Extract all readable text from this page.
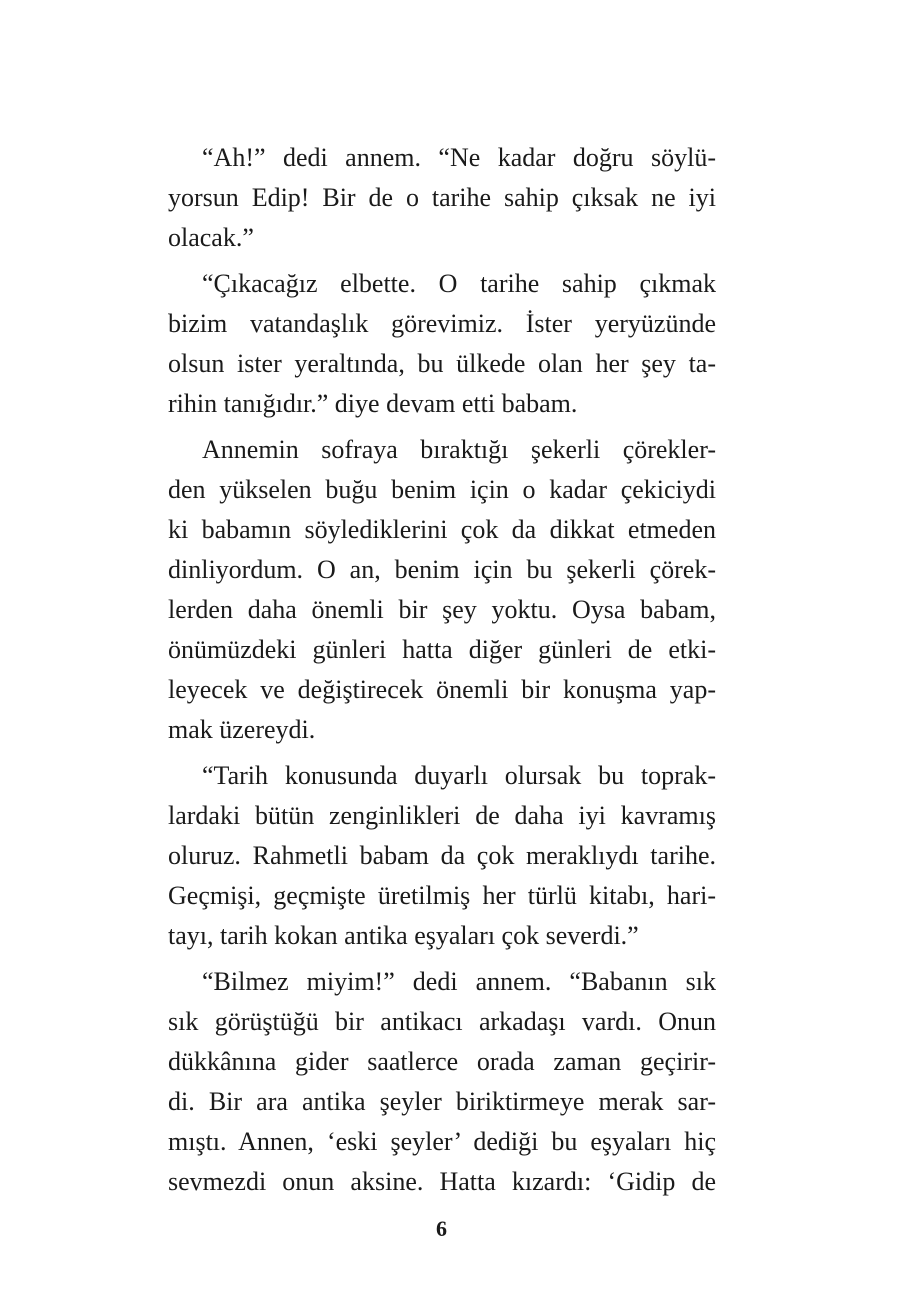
“Ah!” dedi annem. “Ne kadar doğru söylü-
yorsun Edip! Bir de o tarihe sahip çıksak ne iyi
olacak.”

“Çıkacağız elbette. O tarihe sahip çıkmak
bizim vatandaşlık görevimiz. İster yeryüzünde
olsun ister yeraltında, bu ülkede olan her şey ta-
rihin tanığıdır.” diye devam etti babam.

Annemin sofraya bıraktığı şekerli çörekler-
den yükselen buğu benim için o kadar çekiciydi
ki babamın söylediklerini çok da dikkat etmeden
dinliyordum. O an, benim için bu şekerli çörek-
lerden daha önemli bir şey yoktu. Oysa babam,
önümüzdeki günleri hatta diğer günleri de etki-
leyecek ve değiştirecek önemli bir konuşma yap-
mak üzereydi.

“Tarih konusunda duyarlı olursak bu toprak-
lardaki bütün zenginlikleri de daha iyi kavramış
oluruz. Rahmetli babam da çok meraklıydı tarihe.
Geçmişi, geçmişte üretilmiş her türlü kitabı, hari-
tayı, tarih kokan antika eşyaları çok severdi.”

“Bilmez miyim!” dedi annem. “Babanın sık
sık görüştüğü bir antikacı arkadaşı vardı. Onun
dükkânına gider saatlerce orada zaman geçirir-
di. Bir ara antika şeyler biriktirmeye merak sar-
mıştı. Annen, ‘eski şeyler’ dediği bu eşyaları hiç
sevmezdi onun aksine. Hatta kızardı: ‘Gidip de

6
